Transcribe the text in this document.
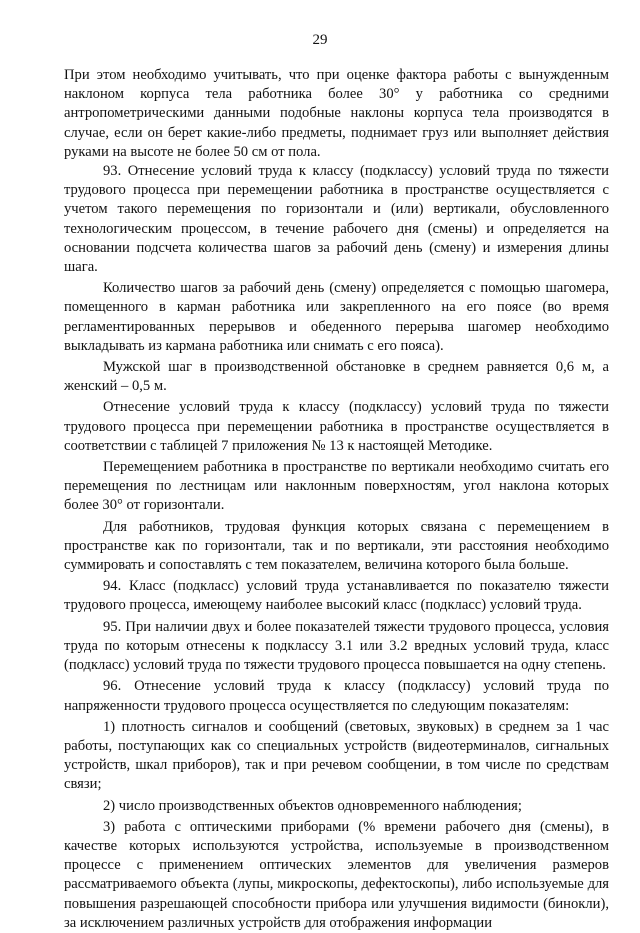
29

При этом необходимо учитывать, что при оценке фактора работы с вынужденным наклоном корпуса тела работника более 30° у работника со средними антропометрическими данными подобные наклоны корпуса тела производятся в случае, если он берет какие-либо предметы, поднимает груз или выполняет действия руками на высоте не более 50 см от пола.

93. Отнесение условий труда к классу (подклассу) условий труда по тяжести трудового процесса при перемещении работника в пространстве осуществляется с учетом такого перемещения по горизонтали и (или) вертикали, обусловленного технологическим процессом, в течение рабочего дня (смены) и определяется на основании подсчета количества шагов за рабочий день (смену) и измерения длины шага.

Количество шагов за рабочий день (смену) определяется с помощью шагомера, помещенного в карман работника или закрепленного на его поясе (во время регламентированных перерывов и обеденного перерыва шагомер необходимо выкладывать из кармана работника или снимать с его пояса).

Мужской шаг в производственной обстановке в среднем равняется 0,6 м, а женский – 0,5 м.

Отнесение условий труда к классу (подклассу) условий труда по тяжести трудового процесса при перемещении работника в пространстве осуществляется в соответствии с таблицей 7 приложения № 13 к настоящей Методике.

Перемещением работника в пространстве по вертикали необходимо считать его перемещения по лестницам или наклонным поверхностям, угол наклона которых более 30° от горизонтали.

Для работников, трудовая функция которых связана с перемещением в пространстве как по горизонтали, так и по вертикали, эти расстояния необходимо суммировать и сопоставлять с тем показателем, величина которого была больше.

94. Класс (подкласс) условий труда устанавливается по показателю тяжести трудового процесса, имеющему наиболее высокий класс (подкласс) условий труда.

95. При наличии двух и более показателей тяжести трудового процесса, условия труда по которым отнесены к подклассу 3.1 или 3.2 вредных условий труда, класс (подкласс) условий труда по тяжести трудового процесса повышается на одну степень.

96. Отнесение условий труда к классу (подклассу) условий труда по напряженности трудового процесса осуществляется по следующим показателям:

1) плотность сигналов и сообщений (световых, звуковых) в среднем за 1 час работы, поступающих как со специальных устройств (видеотерминалов, сигнальных устройств, шкал приборов), так и при речевом сообщении, в том числе по средствам связи;

2) число производственных объектов одновременного наблюдения;

3) работа с оптическими приборами (% времени рабочего дня (смены), в качестве которых используются устройства, используемые в производственном процессе с применением оптических элементов для увеличения размеров рассматриваемого объекта (лупы, микроскопы, дефектоскопы), либо используемые для повышения разрешающей способности прибора или улучшения видимости (бинокли), за исключением различных устройств для отображения информации
